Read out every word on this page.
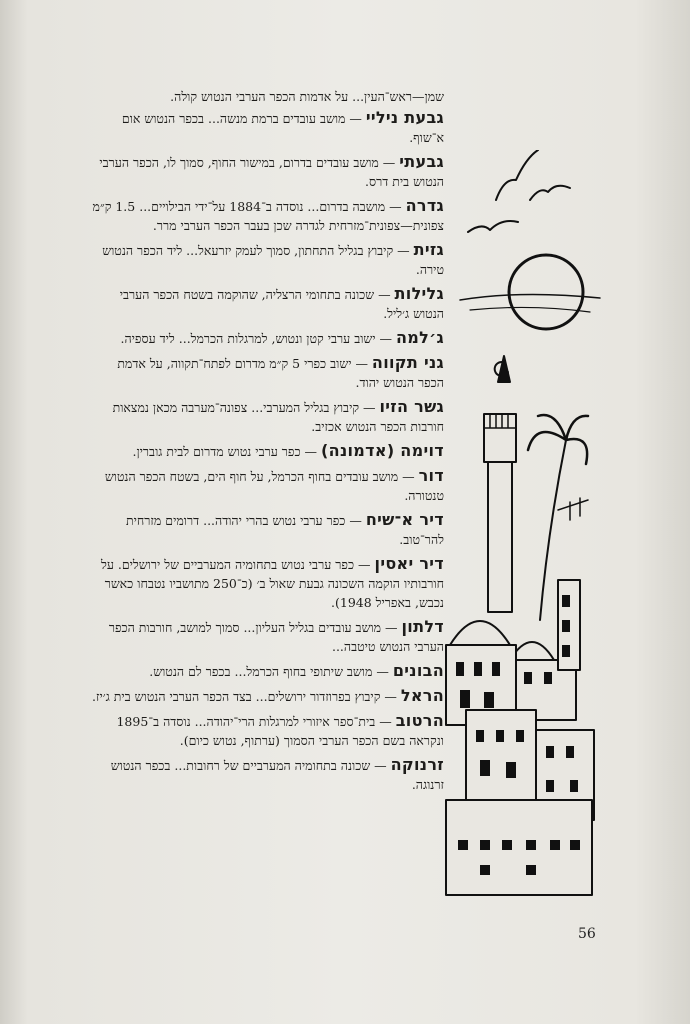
שמן—ראש־העין... על אדמות הכפר הערבי הנטוש קולה.

גבעת ניליי — מושב עובדים ברמת מנשה... בכפר הנטוש אום א־שוף.

גבעתי — מושב עובדים בדרום, במישור החוף, סמוך לו, הכפר הערבי הנטוש בית דרס.

גדרה — מושבה בדרום... נוסדה ב־1884 על־ידי הבילויים... 1.5 ק״מ צפונית—צפונית־מזרחית לגדרה שכן בעבר הכפר הערבי מרר.

גזית — קיבוץ בגליל התחתון, סמוך לעמק יזרעאל... ליד הכפר הנטוש טירה.

גלילות — שכונה בתחומי הרצליה, שהוקמה בשטח הכפר הערבי הנטוש ג׳ליל.

ג׳למה — ישוב ערבי קטן ונטוש, למרגלות הכרמל... ליד עספיה.

גני תקווה — ישוב כפרי 5 ק״מ מדרום לפתח־תקווה, על אדמת הכפר הנטוש יהוד.

גשר הזיו — קיבוץ בגליל המערבי... צפונה־מערבה מכאן נמצאות חורבות הכפר הנטוש אכזיב.

דוימה (אדמונה) — כפר ערבי נטוש מדרום לבית גוברין.

דור — מושב עובדים בחוף הכרמל, על חוף הים, בשטח הכפר הנטוש טנטורה.

דיר א־שיח — כפר ערבי נטוש בהרי יהודה... דרומים מזרחית להר־טוב.

דיר יאסין — כפר ערבי נטוש בתחומיה המערביים של ירושלים. על חורבותיו הוקמה השכונה גבעת שאול ב׳ (כ־250 מתושביו נטבחו כאשר נכבש, באפריל 1948).

דלתון — מושב עובדים בגליל העליון... סמוך למושב, חורבות הכפר הערבי הנטוש טיטבה...

הבונים — מושב שיתופי בחוף הכרמל... בכפר לם הנטוש.

הראל — קיבוץ בפרוזדור ירושלים... בצד הכפר הערבי הנטוש בית ג׳יז.

הרטוב — בית־ספר איזורי למרגלות הרי־יהודה... נוסדה ב־1895 ונקראה בשם הכפר הערבי הסמוך (ערתוף, נטוש כיום).

זרנוקה — שכונה בתחומיה המערביים של רחובות... בכפר הנטוש זרנוגה.

56
